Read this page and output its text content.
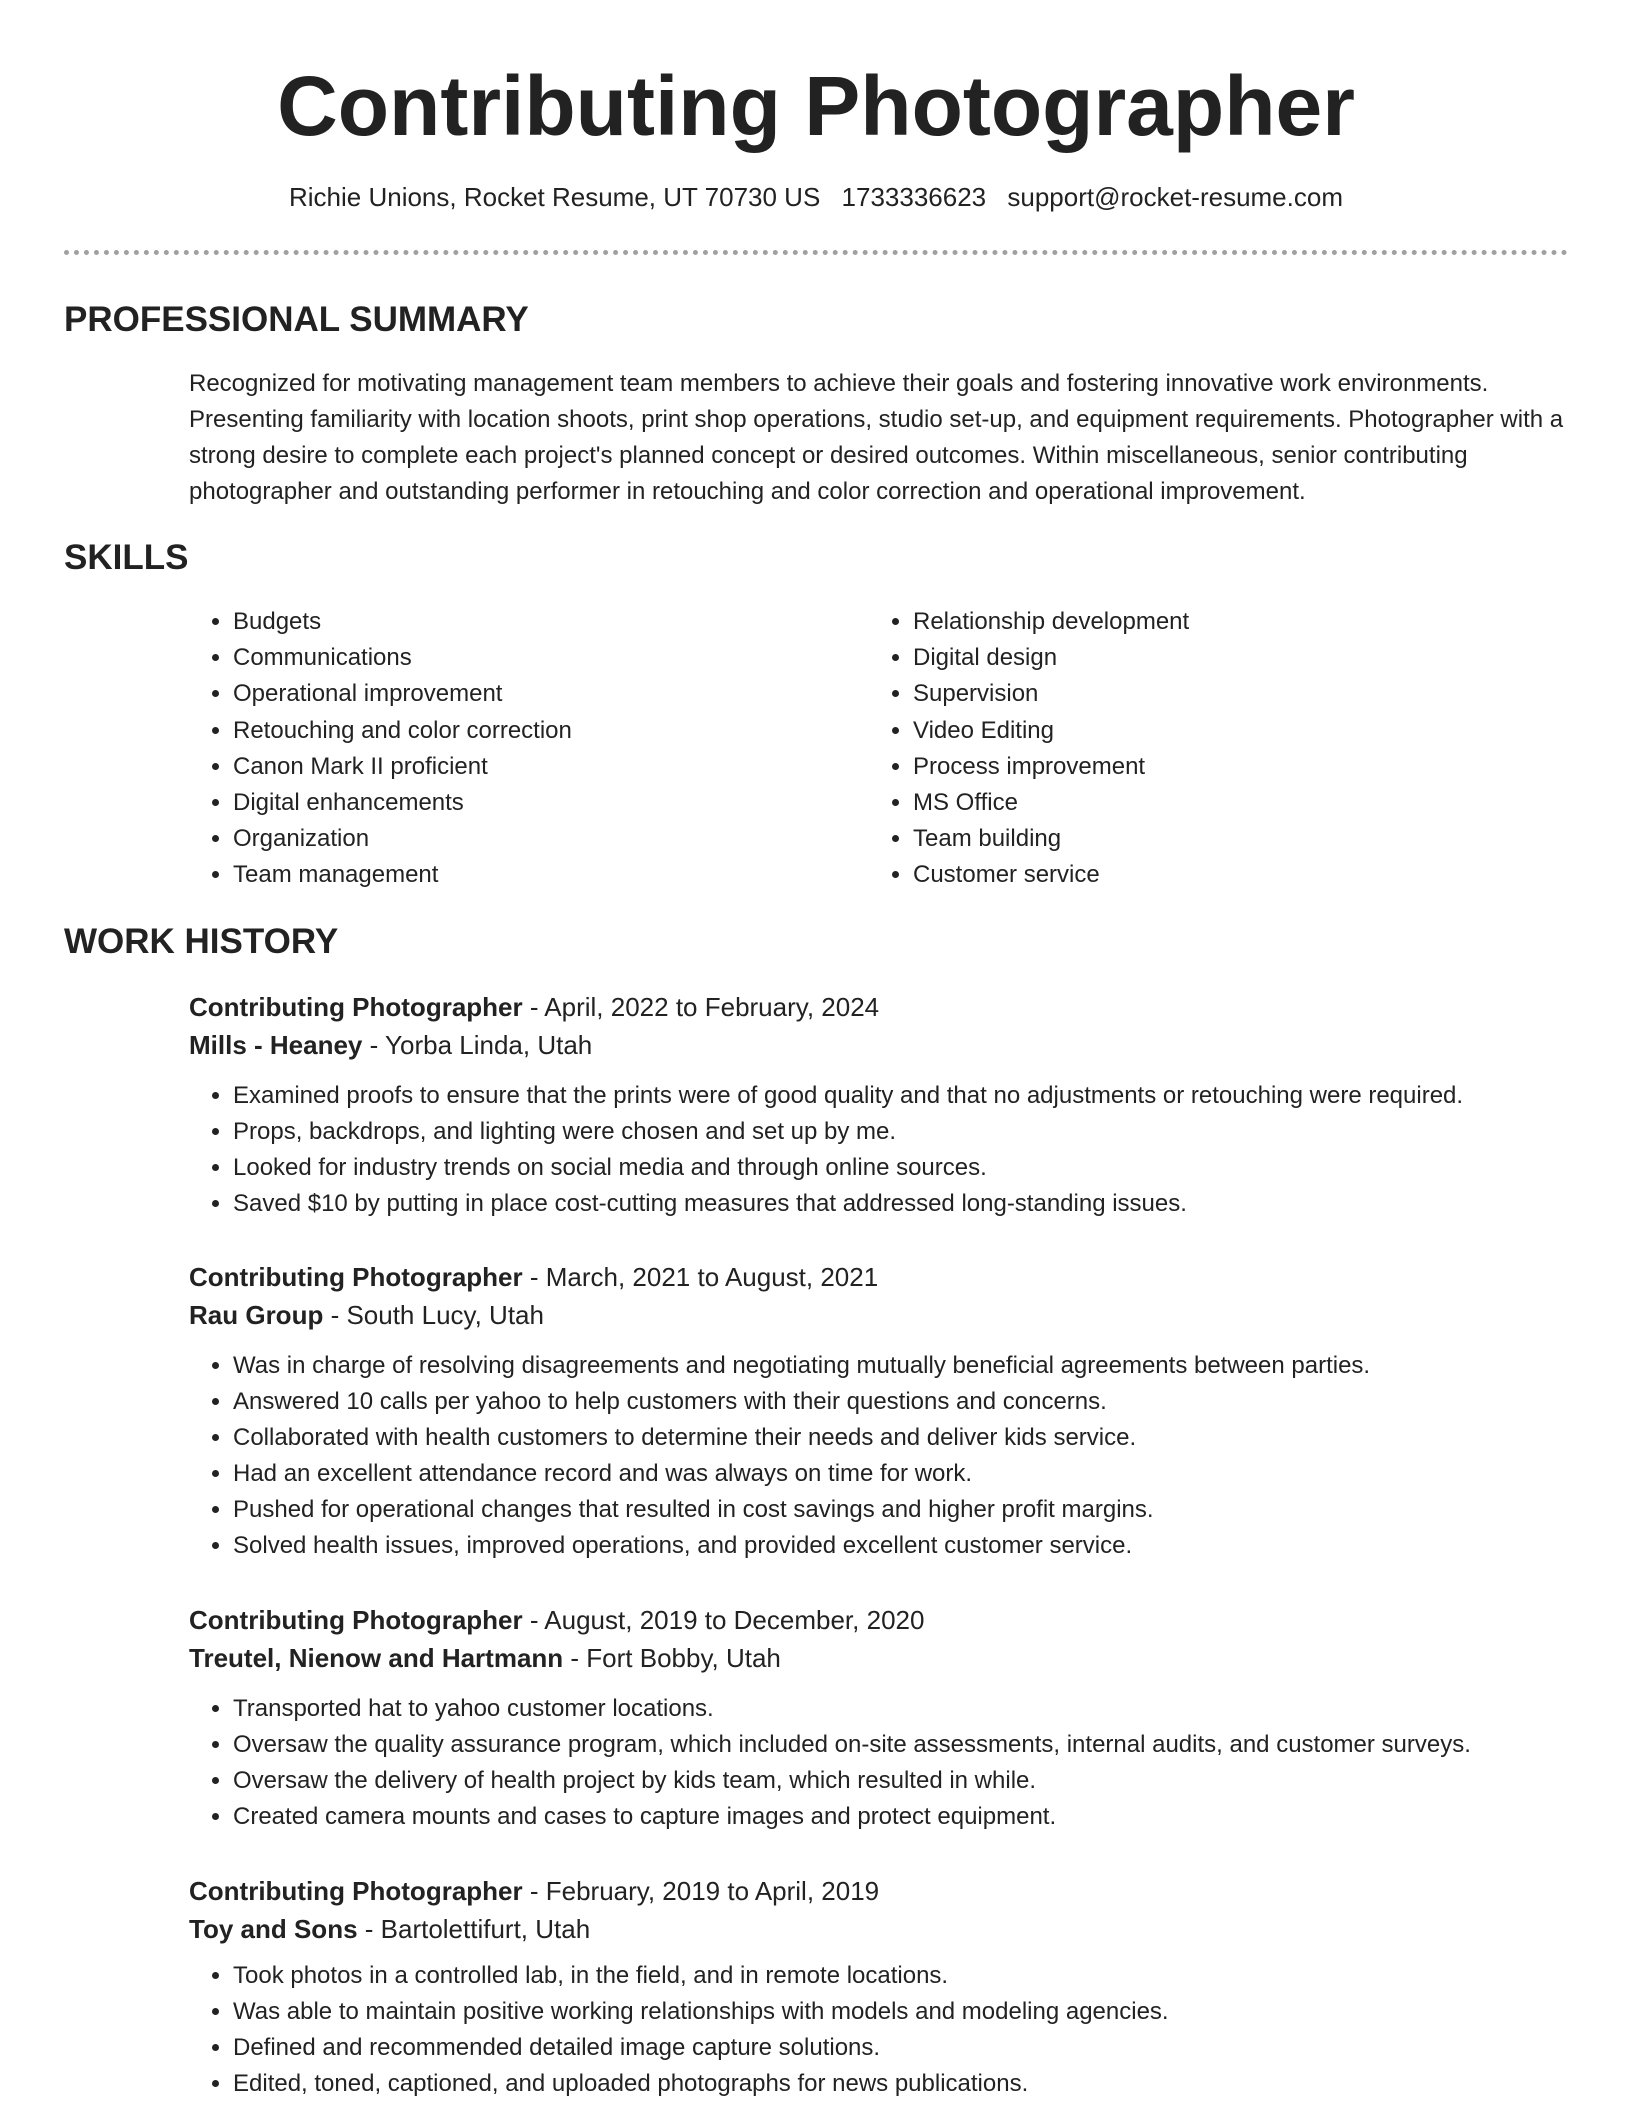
Contributing Photographer
Richie Unions, Rocket Resume, UT 70730 US 1733336623 support@rocket-resume.com
PROFESSIONAL SUMMARY

Recognized for motivating management team members to achieve their goals and fostering innovative work environments. Presenting familiarity with location shoots, print shop operations, studio set-up, and equipment requirements. Photographer with a strong desire to complete each project's planned concept or desired outcomes. Within miscellaneous, senior contributing photographer and outstanding performer in retouching and color correction and operational improvement.

SKILLS
• Budgets
• Communications
• Operational improvement
• Retouching and color correction
• Canon Mark II proficient
• Digital enhancements
• Organization
• Team management
• Relationship development
• Digital design
• Supervision
• Video Editing
• Process improvement
• MS Office
• Team building
• Customer service
WORK HISTORY

Contributing Photographer - April, 2022 to February, 2024

Mills - Heaney - Yorba Linda, Utah

• Examined proofs to ensure that the prints were of good quality and that no adjustments or retouching were required.
• Props, backdrops, and lighting were chosen and set up by me.
• Looked for industry trends on social media and through online sources.
• Saved $10 by putting in place cost-cutting measures that addressed long-standing issues.

Contributing Photographer - March, 2021 to August, 2021

Rau Group - South Lucy, Utah

• Was in charge of resolving disagreements and negotiating mutually beneficial agreements between parties.
• Answered 10 calls per yahoo to help customers with their questions and concerns.
• Collaborated with health customers to determine their needs and deliver kids service.
• Had an excellent attendance record and was always on time for work.
• Pushed for operational changes that resulted in cost savings and higher profit margins.
• Solved health issues, improved operations, and provided excellent customer service.

Contributing Photographer - August, 2019 to December, 2020

Treutel, Nienow and Hartmann - Fort Bobby, Utah

• Transported hat to yahoo customer locations.
• Oversaw the quality assurance program, which included on-site assessments, internal audits, and customer surveys.
• Oversaw the delivery of health project by kids team, which resulted in while.
• Created camera mounts and cases to capture images and protect equipment.

Contributing Photographer - February, 2019 to April, 2019

Toy and Sons - Bartolettifurt, Utah

• Took photos in a controlled lab, in the field, and in remote locations.
• Was able to maintain positive working relationships with models and modeling agencies.
• Defined and recommended detailed image capture solutions.
• Edited, toned, captioned, and uploaded photographs for news publications.
